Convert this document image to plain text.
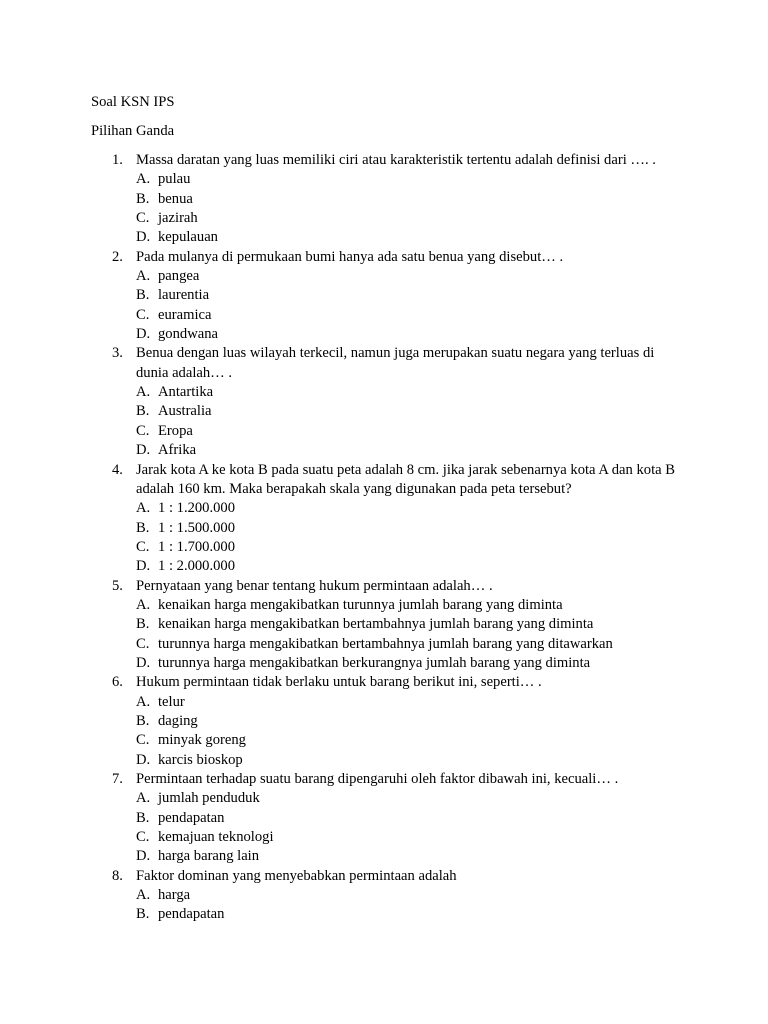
Soal KSN IPS
Pilihan Ganda
1. Massa daratan yang luas memiliki ciri atau karakteristik tertentu adalah definisi dari …. .
A. pulau
B. benua
C. jazirah
D. kepulauan
2. Pada mulanya di permukaan bumi hanya ada satu benua yang disebut… .
A. pangea
B. laurentia
C. euramica
D. gondwana
3. Benua dengan luas wilayah terkecil, namun juga merupakan suatu negara yang terluas di dunia adalah… .
A. Antartika
B. Australia
C. Eropa
D. Afrika
4. Jarak kota A ke kota B pada suatu peta adalah 8 cm. jika jarak sebenarnya kota A dan kota B adalah 160 km. Maka berapakah skala yang digunakan pada peta tersebut?
A. 1 : 1.200.000
B. 1 : 1.500.000
C. 1 : 1.700.000
D. 1 : 2.000.000
5. Pernyataan yang benar tentang hukum permintaan adalah… .
A. kenaikan harga mengakibatkan turunnya jumlah barang yang diminta
B. kenaikan harga mengakibatkan bertambahnya jumlah barang yang diminta
C. turunnya harga mengakibatkan bertambahnya jumlah barang yang ditawarkan
D. turunnya harga mengakibatkan berkurangnya jumlah barang yang diminta
6. Hukum permintaan tidak berlaku untuk barang berikut ini, seperti… .
A. telur
B. daging
C. minyak goreng
D. karcis bioskop
7. Permintaan terhadap suatu barang dipengaruhi oleh faktor dibawah ini, kecuali… .
A. jumlah penduduk
B. pendapatan
C. kemajuan teknologi
D. harga barang lain
8. Faktor dominan yang menyebabkan permintaan adalah
A. harga
B. pendapatan
